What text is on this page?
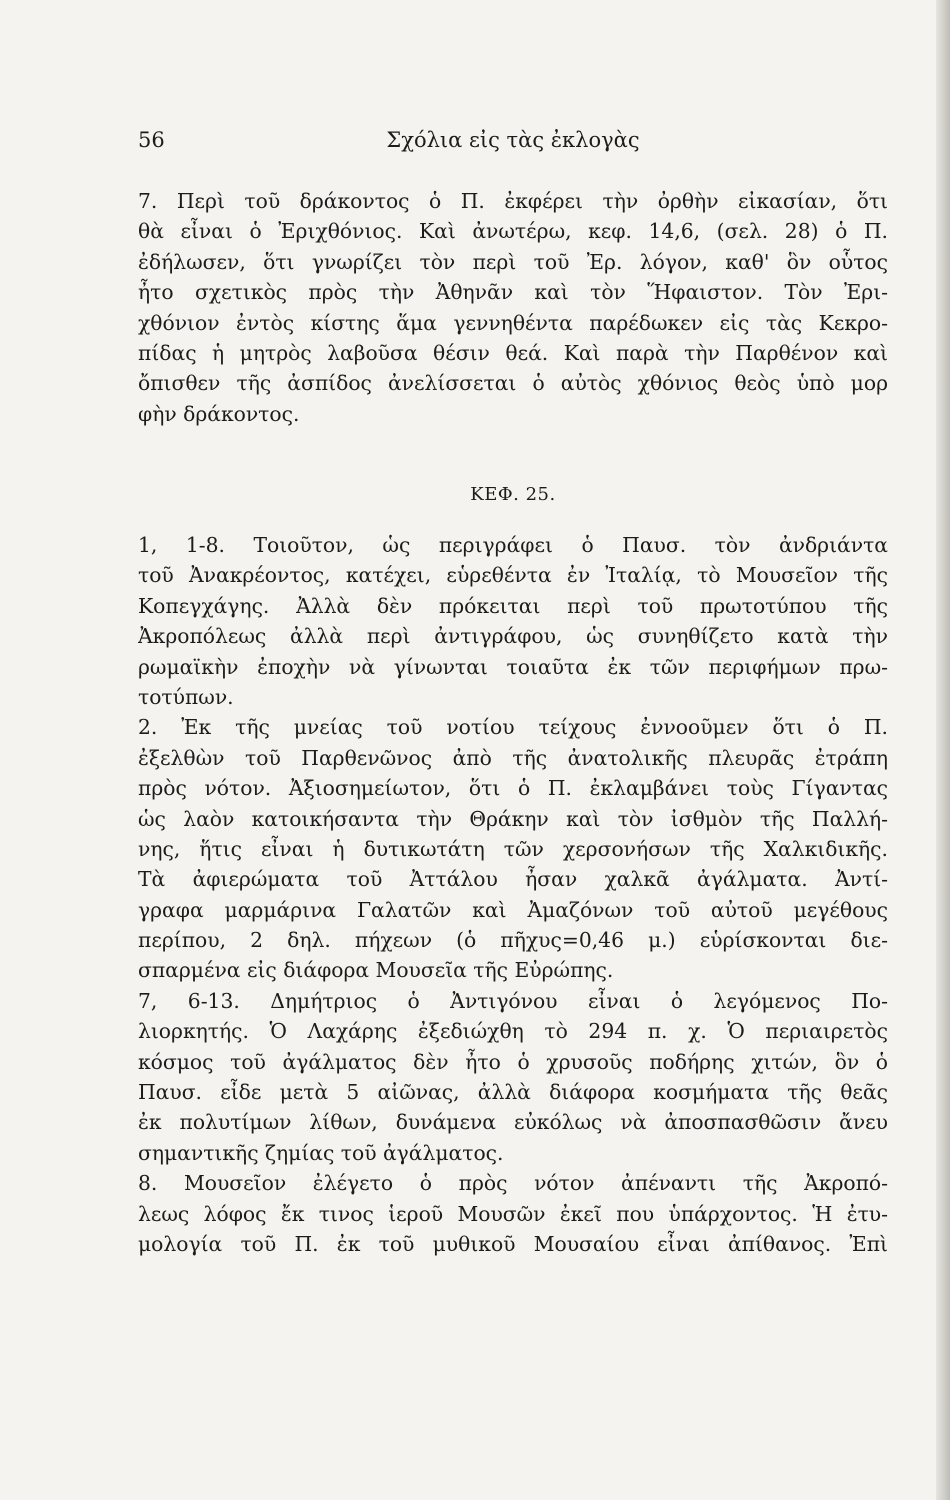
56	Σχόλια εἰς τὰς ἐκλογὰς
7. Περὶ τοῦ δράκοντος ὁ Π. ἐκφέρει τὴν ὀρθὴν εἰκασίαν, ὅτι
θὰ εἶναι ὁ Ἐριχθόνιος. Καὶ ἀνωτέρω, κεφ. 14,6, (σελ. 28) ὁ Π.
ἐδήλωσεν, ὅτι γνωρίζει τὸν περὶ τοῦ Ἐρ. λόγον, καθ' ὃν οὗτος
ἦτο σχετικὸς πρὸς τὴν Ἀθηνᾶν καὶ τὸν Ἥφαιστον. Τὸν Ἐρι-
χθόνιον ἐντὸς κίστης ἅμα γεννηθέντα παρέδωκεν εἰς τὰς Κεκρο-
πίδας ἡ μητρὸς λαβοῦσα θέσιν θεά. Καὶ παρὰ τὴν Παρθένον καὶ
ὄπισθεν τῆς ἀσπίδος ἀνελίσσεται ὁ αὐτὸς χθόνιος θεὸς ὑπὸ μορ
φὴν δράκοντος.
ΚΕΦ. 25.
1, 1-8. Τοιοῦτον, ὡς περιγράφει ὁ Παυσ. τὸν ἀνδριάντα
τοῦ Ἀνακρέοντος, κατέχει, εὑρεθέντα ἐν Ἰταλίᾳ, τὸ Μουσεῖον τῆς
Κοπεγχάγης. Ἀλλὰ δὲν πρόκειται περὶ τοῦ πρωτοτύπου τῆς
Ἀκροπόλεως ἀλλὰ περὶ ἀντιγράφου, ὡς συνηθίζετο κατὰ τὴν
ρωμαϊκὴν ἐποχὴν νὰ γίνωνται τοιαῦτα ἐκ τῶν περιφήμων πρω-
τοτύπων.
2. Ἐκ τῆς μνείας τοῦ νοτίου τείχους ἐννοοῦμεν ὅτι ὁ Π.
ἐξελθὼν τοῦ Παρθενῶνος ἀπὸ τῆς ἀνατολικῆς πλευρᾶς ἐτράπη
πρὸς νότον. Ἀξιοσημείωτον, ὅτι ὁ Π. ἐκλαμβάνει τοὺς Γίγαντας
ὡς λαὸν κατοικήσαντα τὴν Θράκην καὶ τὸν ἰσθμὸν τῆς Παλλή-
νης, ἥτις εἶναι ἡ δυτικωτάτη τῶν χερσονήσων τῆς Χαλκιδικῆς.
Τὰ ἀφιερώματα τοῦ Ἀττάλου ἦσαν χαλκᾶ ἀγάλματα. Ἀντί-
γραφα μαρμάρινα Γαλατῶν καὶ Ἀμαζόνων τοῦ αὐτοῦ μεγέθους
περίπου, 2 δηλ. πήχεων (ὁ πῆχυς=0,46 μ.) εὑρίσκονται διε-
σπαρμένα εἰς διάφορα Μουσεῖα τῆς Εὐρώπης.
7, 6-13. Δημήτριος ὁ Ἀντιγόνου εἶναι ὁ λεγόμενος Πο-
λιορκητής. Ὁ Λαχάρης ἐξεδιώχθη τὸ 294 π. χ. Ὁ περιαιρετὸς
κόσμος τοῦ ἀγάλματος δὲν ἦτο ὁ χρυσοῦς ποδήρης χιτών, ὃν ὁ
Παυσ. εἶδε μετὰ 5 αἰῶνας, ἀλλὰ διάφορα κοσμήματα τῆς θεᾶς
ἐκ πολυτίμων λίθων, δυνάμενα εὐκόλως νὰ ἀποσπασθῶσιν ἄνευ
σημαντικῆς ζημίας τοῦ ἀγάλματος.
8. Μουσεῖον ἐλέγετο ὁ πρὸς νότον ἀπέναντι τῆς Ἀκροπό-
λεως λόφος ἔκ τινος ἱεροῦ Μουσῶν ἐκεῖ που ὑπάρχοντος. Ἡ ἐτυ-
μολογία τοῦ Π. ἐκ τοῦ μυθικοῦ Μουσαίου εἶναι ἀπίθανος. Ἐπὶ
